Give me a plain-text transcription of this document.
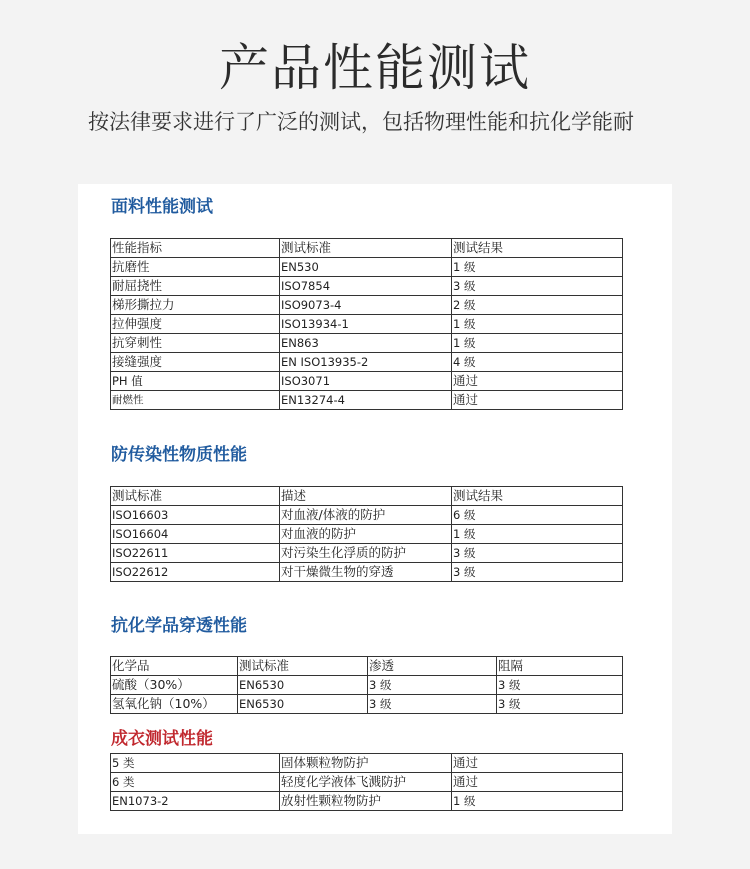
产品性能测试

按法律要求进行了广泛的测试，包括物理性能和抗化学能耐

面料性能测试
性能指标	测试标准	测试结果
抗磨性	EN530	1 级
耐屈挠性	ISO7854	3 级
梯形撕拉力	ISO9073-4	2 级
拉伸强度	ISO13934-1	1 级
抗穿刺性	EN863	1 级
接缝强度	EN ISO13935-2	4 级
PH 值	ISO3071	通过
耐燃性	EN13274-4	通过
防传染性物质性能
测试标准	描述	测试结果
ISO16603	对血液/体液的防护	6 级
ISO16604	对血液的防护	1 级
ISO22611	对污染生化浮质的防护	3 级
ISO22612	对干燥微生物的穿透	3 级
抗化学品穿透性能
化学品	测试标准	渗透	阻隔
硫酸（30%）	EN6530	3 级	3 级
氢氧化钠（10%）	EN6530	3 级	3 级
成衣测试性能
5 类	固体颗粒物防护	通过
6 类	轻度化学液体飞溅防护	通过
EN1073-2	放射性颗粒物防护	1 级
